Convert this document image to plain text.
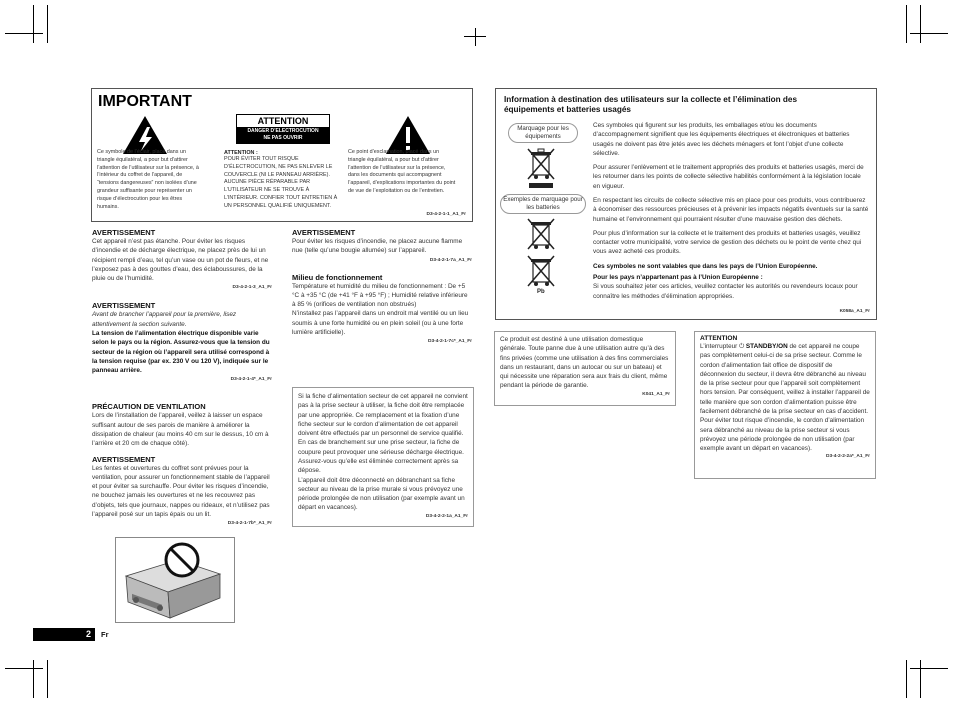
IMPORTANT
Ce symbole de l’éclair, placé dans un triangle équilatéral, a pour but d’attirer l’attention de l’utilisateur sur la présence, à l’intérieur du coffret de l’appareil, de “tensions dangereuses” non isolées d’une grandeur suffisante pour représenter un risque d’électrocution pour les êtres humains.
ATTENTION
DANGER D’ELECTROCUTION NE PAS OUVRIR
ATTENTION :
POUR ÉVITER TOUT RISQUE D’ÉLECTROCUTION, NE PAS ENLEVER LE COUVERCLE (NI LE PANNEAU ARRIÈRE). AUCUNE PIÈCE RÉPARABLE PAR L’UTILISATEUR NE SE TROUVE À L’INTÉRIEUR. CONFIER TOUT ENTRETIEN À UN PERSONNEL QUALIFIÉ UNIQUEMENT.
Ce point d’exclamation, placé dans un triangle équilatéral, a pour but d’attirer l’attention de l’utilisateur sur la présence, dans les documents qui accompagnent l’appareil, d’explications importantes du point de vue de l’exploitation ou de l’entretien.
D3-4-2-1-1_A1_Fr
AVERTISSEMENT
Cet appareil n’est pas étanche. Pour éviter les risques d’incendie et de décharge électrique, ne placez près de lui un récipient rempli d’eau, tel qu’un vase ou un pot de fleurs, et ne l’exposez pas à des gouttes d’eau, des éclaboussures, de la pluie ou de l’humidité.
D3-4-2-1-3_A1_Fr
AVERTISSEMENT
Avant de brancher l’appareil pour la première, lisez attentivement la section suivante.
La tension de l’alimentation électrique disponible varie selon le pays ou la région. Assurez-vous que la tension du secteur de la région où l’appareil sera utilisé correspond à la tension requise (par ex. 230 V ou 120 V), indiquée sur le panneau arrière.
D3-4-2-1-4*_A1_Fr
PRÉCAUTION DE VENTILATION
Lors de l’installation de l’appareil, veillez à laisser un espace suffisant autour de ses parois de manière à améliorer la dissipation de chaleur (au moins 40 cm sur le dessus, 10 cm à l’arrière et 20 cm de chaque côté).
AVERTISSEMENT
Les fentes et ouvertures du coffret sont prévues pour la ventilation, pour assurer un fonctionnement stable de l’appareil et pour éviter sa surchauffe. Pour éviter les risques d’incendie, ne bouchez jamais les ouvertures et ne les recouvrez pas d’objets, tels que journaux, nappes ou rideaux, et n’utilisez pas l’appareil posé sur un tapis épais ou un lit.
D3-4-2-1-7b*_A1_Fr
AVERTISSEMENT
Pour éviter les risques d’incendie, ne placez aucune flamme nue (telle qu’une bougie allumée) sur l’appareil.
D3-4-2-1-7a_A1_Fr
Milieu de fonctionnement
Température et humidité du milieu de fonctionnement : De +5 °C à +35 °C (de +41 °F à +95 °F) ; Humidité relative inférieure à 85 % (orifices de ventilation non obstrués)
N’installez pas l’appareil dans un endroit mal ventilé ou un lieu soumis à une forte humidité ou en plein soleil (ou à une forte lumière artificielle).
D3-4-2-1-7c*_A1_Fr
Si la fiche d’alimentation secteur de cet appareil ne convient pas à la prise secteur à utiliser, la fiche doit être remplacée par une appropriée. Ce remplacement et la fixation d’une fiche secteur sur le cordon d’alimentation de cet appareil doivent être effectués par un personnel de service qualifié. En cas de branchement sur une prise secteur, la fiche de coupure peut provoquer une sérieuse décharge électrique. Assurez-vous qu’elle est éliminée correctement après sa dépose.
L’appareil doit être déconnecté en débranchant sa fiche secteur au niveau de la prise murale si vous prévoyez une période prolongée de non utilisation (par exemple avant un départ en vacances).
D3-4-2-2-1a_A1_Fr
Information à destination des utilisateurs sur la collecte et l’élimination des équipements et batteries usagés
Marquage pour les équipements
Exemples de marquage pour les batteries
Pb

Ces symboles qui figurent sur les produits, les emballages et/ou les documents d’accompagnement signifient que les équipements électriques et électroniques et batteries usagés ne doivent pas être jetés avec les déchets ménagers et font l’objet d’une collecte sélective.

Pour assurer l’enlèvement et le traitement appropriés des produits et batteries usagés, merci de les retourner dans les points de collecte sélective habilités conformément à la législation locale en vigueur.

En respectant les circuits de collecte sélective mis en place pour ces produits, vous contribuerez à économiser des ressources précieuses et à prévenir les impacts négatifs éventuels sur la santé humaine et l’environnement qui pourraient résulter d’une mauvaise gestion des déchets.

Pour plus d’information sur la collecte et le traitement des produits et batteries usagés, veuillez contacter votre municipalité, votre service de gestion des déchets ou le point de vente chez qui vous avez acheté ces produits.

Ces symboles ne sont valables que dans les pays de l’Union Européenne.

Pour les pays n’appartenant pas à l’Union Européenne :

Si vous souhaitez jeter ces articles, veuillez contacter les autorités ou revendeurs locaux pour connaître les méthodes d’élimination appropriées.

K058a_A1_Fr
Ce produit est destiné à une utilisation domestique générale. Toute panne due à une utilisation autre qu’à des fins privées (comme une utilisation à des fins commerciales dans un restaurant, dans un autocar ou sur un bateau) et qui nécessite une réparation sera aux frais du client, même pendant la période de garantie.
K041_A1_Fr
ATTENTION
L’interrupteur ⏻ STANDBY/ON de cet appareil ne coupe pas complètement celui-ci de sa prise secteur. Comme le cordon d’alimentation fait office de dispositif de déconnexion du secteur, il devra être débranché au niveau de la prise secteur pour que l’appareil soit complètement hors tension. Par conséquent, veillez à installer l’appareil de telle manière que son cordon d’alimentation puisse être facilement débranché de la prise secteur en cas d’accident. Pour éviter tout risque d’incendie, le cordon d’alimentation sera débranché au niveau de la prise secteur si vous prévoyez une période prolongée de non utilisation (par exemple avant un départ en vacances).
D3-4-2-2-2a*_A1_Fr
2	Fr
